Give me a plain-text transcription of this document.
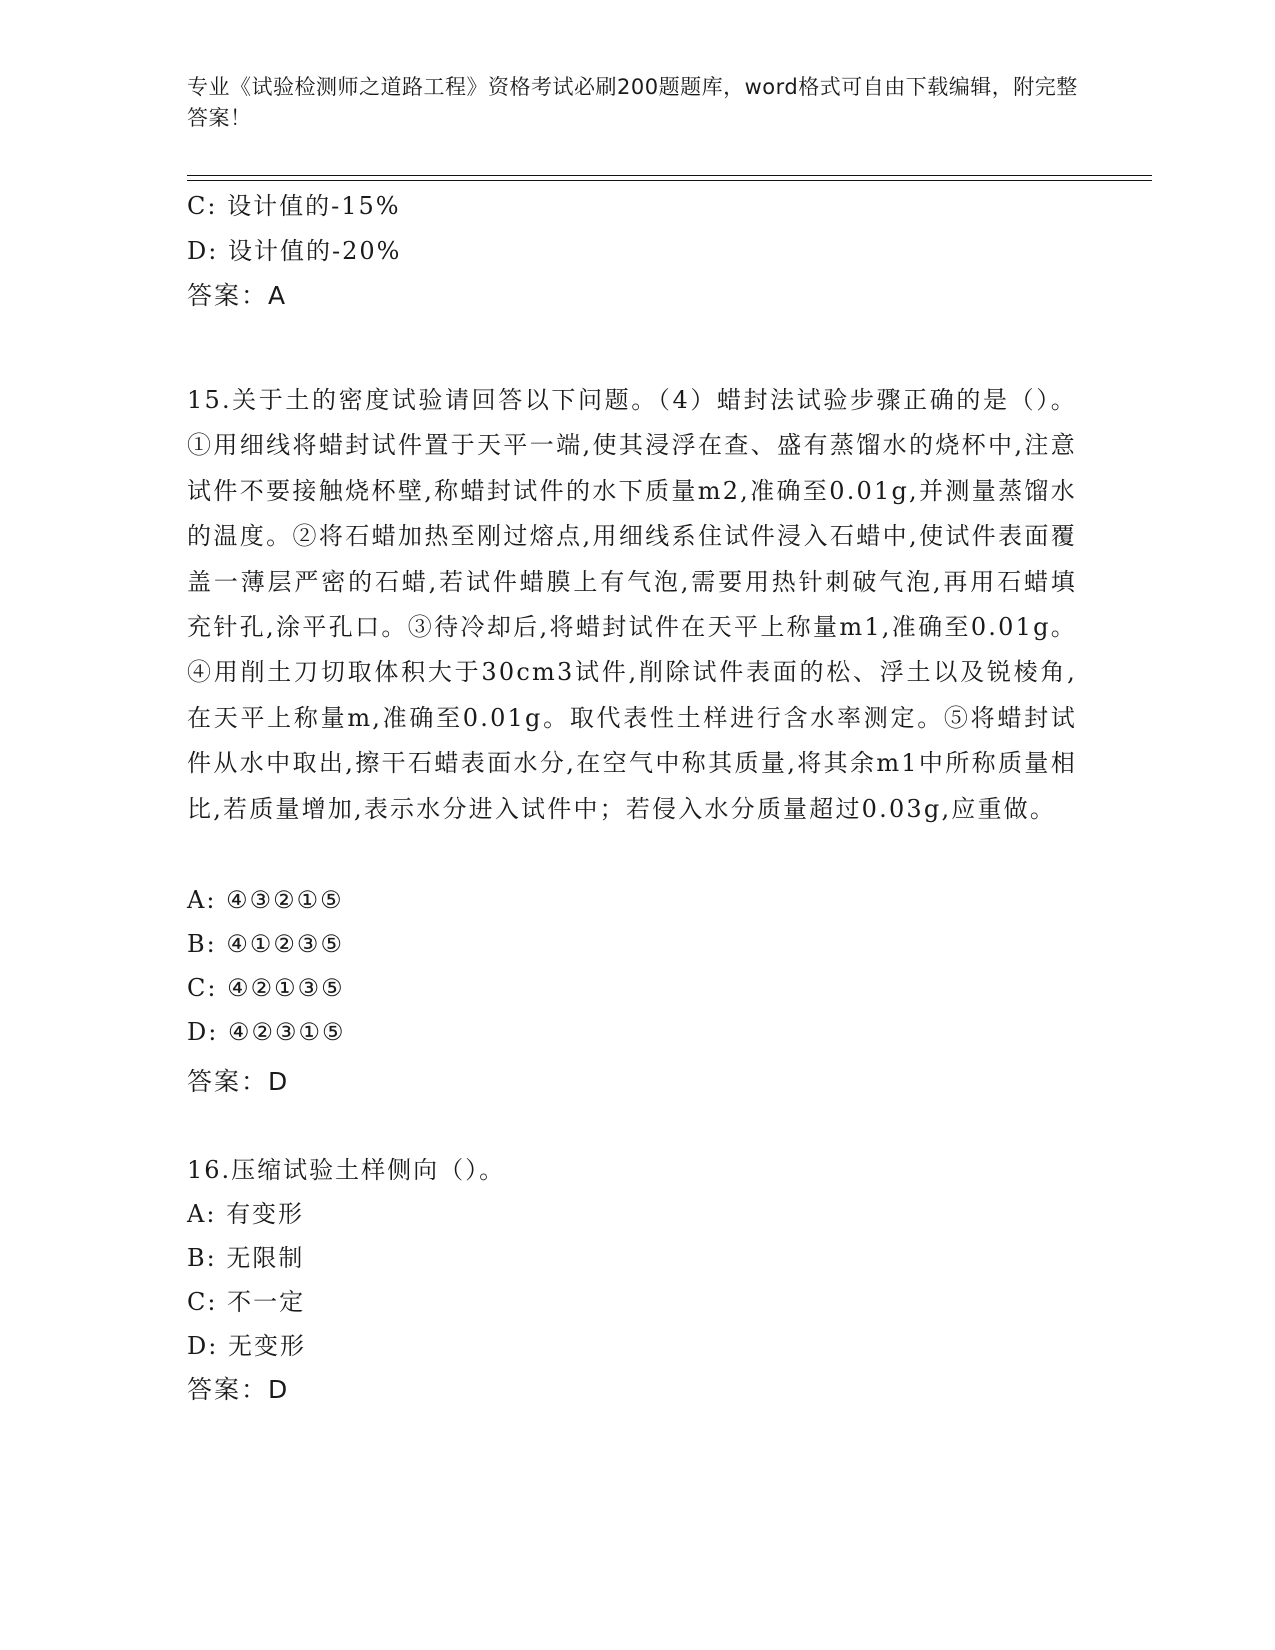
专业《试验检测师之道路工程》资格考试必刷200题题库，word格式可自由下载编辑，附完整答案！
C: 设计值的-15%
D: 设计值的-20%
答案：A
15.关于土的密度试验请回答以下问题。（4）蜡封法试验步骤正确的是（）。①用细线将蜡封试件置于天平一端,使其浸浮在查、盛有蒸馏水的烧杯中,注意试件不要接触烧杯壁,称蜡封试件的水下质量m2,准确至0.01g,并测量蒸馏水的温度。②将石蜡加热至刚过熔点,用细线系住试件浸入石蜡中,使试件表面覆盖一薄层严密的石蜡,若试件蜡膜上有气泡,需要用热针刺破气泡,再用石蜡填充针孔,涂平孔口。③待冷却后,将蜡封试件在天平上称量m1,准确至0.01g。④用削土刀切取体积大于30cm3试件,削除试件表面的松、浮土以及锐棱角,在天平上称量m,准确至0.01g。取代表性土样进行含水率测定。⑤将蜡封试件从水中取出,擦干石蜡表面水分,在空气中称其质量,将其余m1中所称质量相比,若质量增加,表示水分进入试件中；若侵入水分质量超过0.03g,应重做。
A: ④③②①⑤
B: ④①②③⑤
C: ④②①③⑤
D: ④②③①⑤
答案：D
16.压缩试验土样侧向（）。
A: 有变形
B: 无限制
C: 不一定
D: 无变形
答案：D
